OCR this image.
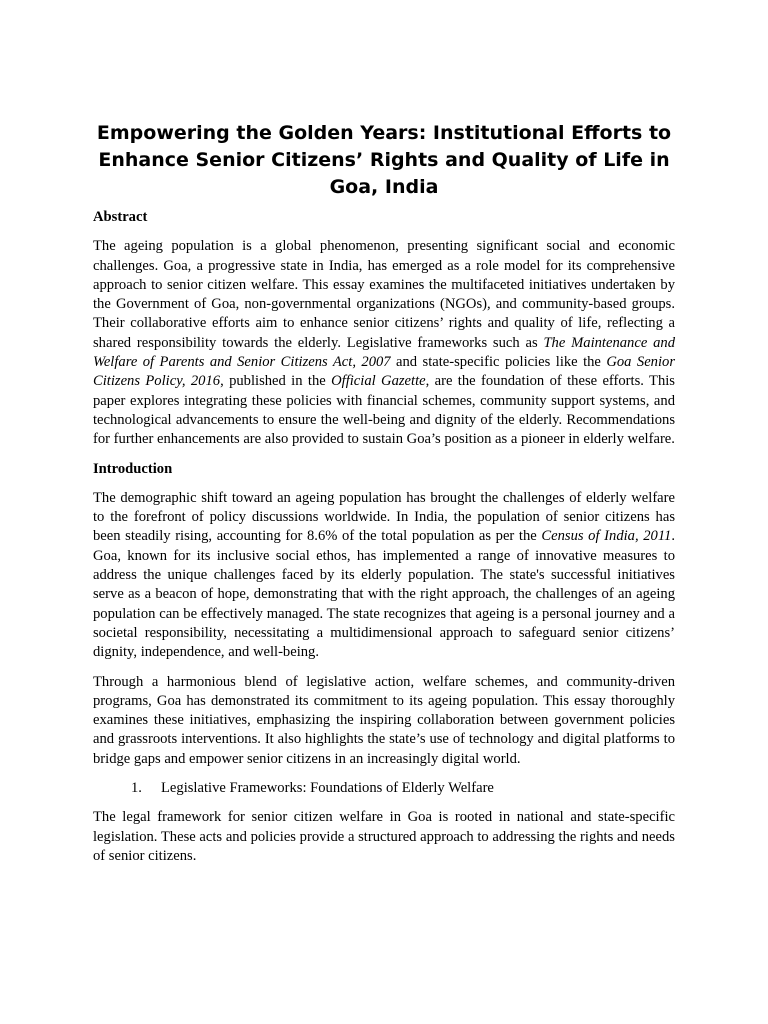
Empowering the Golden Years: Institutional Efforts to Enhance Senior Citizens’ Rights and Quality of Life in Goa, India
Abstract

The ageing population is a global phenomenon, presenting significant social and economic challenges. Goa, a progressive state in India, has emerged as a role model for its comprehensive approach to senior citizen welfare. This essay examines the multifaceted initiatives undertaken by the Government of Goa, non-governmental organizations (NGOs), and community-based groups. Their collaborative efforts aim to enhance senior citizens’ rights and quality of life, reflecting a shared responsibility towards the elderly. Legislative frameworks such as The Maintenance and Welfare of Parents and Senior Citizens Act, 2007 and state-specific policies like the Goa Senior Citizens Policy, 2016, published in the Official Gazette, are the foundation of these efforts. This paper explores integrating these policies with financial schemes, community support systems, and technological advancements to ensure the well-being and dignity of the elderly. Recommendations for further enhancements are also provided to sustain Goa’s position as a pioneer in elderly welfare.

Introduction

The demographic shift toward an ageing population has brought the challenges of elderly welfare to the forefront of policy discussions worldwide. In India, the population of senior citizens has been steadily rising, accounting for 8.6% of the total population as per the Census of India, 2011. Goa, known for its inclusive social ethos, has implemented a range of innovative measures to address the unique challenges faced by its elderly population. The state's successful initiatives serve as a beacon of hope, demonstrating that with the right approach, the challenges of an ageing population can be effectively managed. The state recognizes that ageing is a personal journey and a societal responsibility, necessitating a multidimensional approach to safeguard senior citizens’ dignity, independence, and well-being.

Through a harmonious blend of legislative action, welfare schemes, and community-driven programs, Goa has demonstrated its commitment to its ageing population. This essay thoroughly examines these initiatives, emphasizing the inspiring collaboration between government policies and grassroots interventions. It also highlights the state’s use of technology and digital platforms to bridge gaps and empower senior citizens in an increasingly digital world.

1.	Legislative Frameworks: Foundations of Elderly Welfare

The legal framework for senior citizen welfare in Goa is rooted in national and state-specific legislation. These acts and policies provide a structured approach to addressing the rights and needs of senior citizens.
